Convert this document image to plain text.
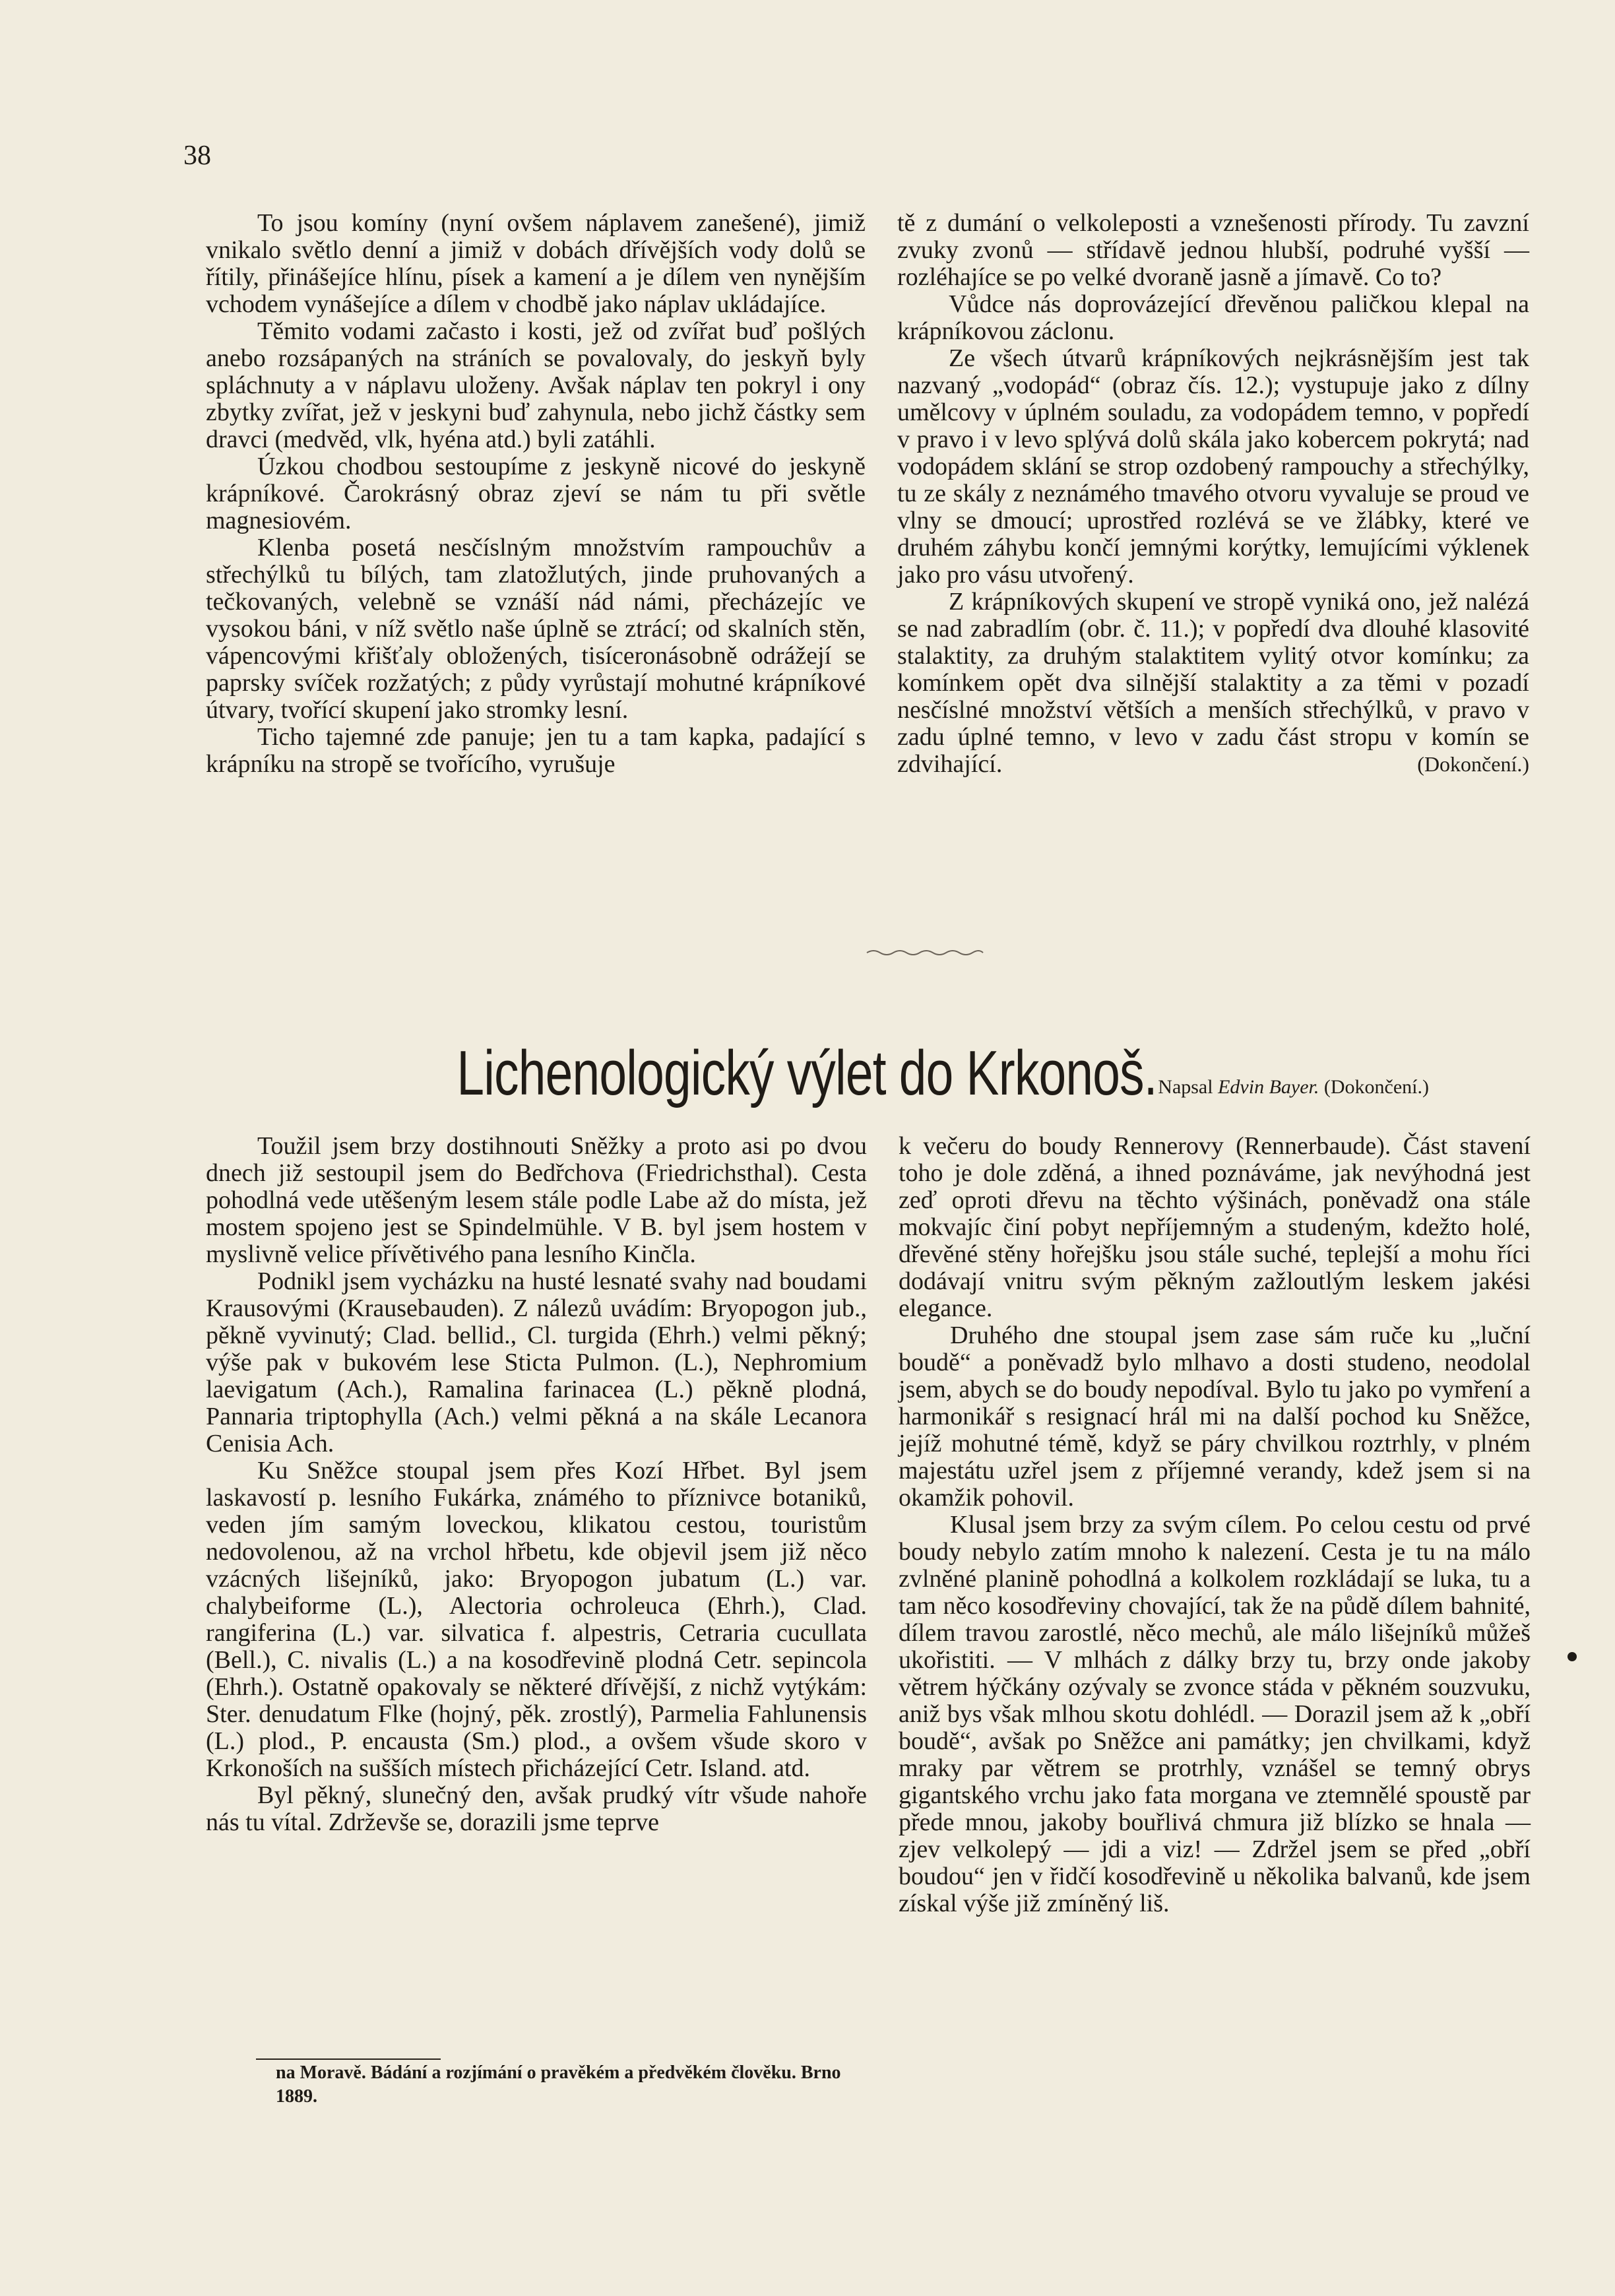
38

To jsou komíny (nyní ovšem náplavem zanešené), jimiž vnikalo světlo denní a jimiž v dobách dřívějších vody dolů se řítily, přinášejíce hlínu, písek a kamení a je dílem ven nynějším vchodem vynášejíce a dílem v chodbě jako náplav ukládajíce.

Těmito vodami začasto i kosti, jež od zvířat buď pošlých anebo rozsápaných na stráních se povalovaly, do jeskyň byly spláchnuty a v náplavu uloženy. Avšak náplav ten pokryl i ony zbytky zvířat, jež v jeskyni buď zahynula, nebo jichž částky sem dravci (medvěd, vlk, hyéna atd.) byli zatáhli.

Úzkou chodbou sestoupíme z jeskyně nicové do jeskyně krápníkové. Čarokrásný obraz zjeví se nám tu při světle magnesiovém.

Klenba posetá nesčíslným množstvím rampouchův a střechýlků tu bílých, tam zlatožlutých, jinde pruhovaných a tečkovaných, velebně se vznáší nád námi, přecházejíc ve vysokou báni, v níž světlo naše úplně se ztrácí; od skalních stěn, vápencovými křišťaly obložených, tisíceronásobně odrážejí se paprsky svíček rozžatých; z půdy vyrůstají mohutné krápníkové útvary, tvořící skupení jako stromky lesní.

Ticho tajemné zde panuje; jen tu a tam kapka, padající s krápníku na stropě se tvořícího, vyrušuje

tě z dumání o velkoleposti a vznešenosti přírody. Tu zavzní zvuky zvonů — střídavě jednou hlubší, podruhé vyšší — rozléhajíce se po velké dvoraně jasně a jímavě. Co to?

Vůdce nás doprovázející dřevěnou paličkou klepal na krápníkovou záclonu.

Ze všech útvarů krápníkových nejkrásnějším jest tak nazvaný „vodopád“ (obraz čís. 12.); vystupuje jako z dílny umělcovy v úplném souladu, za vodopádem temno, v popředí v pravo i v levo splývá dolů skála jako kobercem pokrytá; nad vodopádem sklání se strop ozdobený rampouchy a střechýlky, tu ze skály z neznámého tmavého otvoru vyvaluje se proud ve vlny se dmoucí; uprostřed rozlévá se ve žlábky, které ve druhém záhybu končí jemnými korýtky, lemujícími výklenek jako pro vásu utvořený.

Z krápníkových skupení ve stropě vyniká ono, jež nalézá se nad zabradlím (obr. č. 11.); v popředí dva dlouhé klasovité stalaktity, za druhým stalaktitem vylitý otvor komínku; za komínkem opět dva silnější stalaktity a za těmi v pozadí nesčíslné množství větších a menších střechýlků, v pravo v zadu úplné temno, v levo v zadu část stropu v komín se zdvihající.	(Dokončení.)
Lichenologický výlet do Krkonoš. Napsal Edvin Bayer. (Dokončení.)

Toužil jsem brzy dostihnouti Sněžky a proto asi po dvou dnech již sestoupil jsem do Bedřchova (Friedrichsthal). Cesta pohodlná vede utěšeným lesem stále podle Labe až do místa, jež mostem spojeno jest se Spindelmühle. V B. byl jsem hostem v myslivně velice přívětivého pana lesního Kinčla.

Podnikl jsem vycházku na husté lesnaté svahy nad boudami Krausovými (Krausebauden). Z nálezů uvádím: Bryopogon jub., pěkně vyvinutý; Clad. bellid., Cl. turgida (Ehrh.) velmi pěkný; výše pak v bukovém lese Sticta Pulmon. (L.), Nephromium laevigatum (Ach.), Ramalina farinacea (L.) pěkně plodná, Pannaria triptophylla (Ach.) velmi pěkná a na skále Lecanora Cenisia Ach.

Ku Sněžce stoupal jsem přes Kozí Hřbet. Byl jsem laskavostí p. lesního Fukárka, známého to příznivce botaniků, veden jím samým loveckou, klikatou cestou, touristům nedovolenou, až na vrchol hřbetu, kde objevil jsem již něco vzácných lišejníků, jako: Bryopogon jubatum (L.) var. chalybeiforme (L.), Alectoria ochroleuca (Ehrh.), Clad. rangiferina (L.) var. silvatica f. alpestris, Cetraria cucullata (Bell.), C. nivalis (L.) a na kosodřevině plodná Cetr. sepincola (Ehrh.). Ostatně opakovaly se některé dřívější, z nichž vytýkám: Ster. denudatum Flke (hojný, pěk. zrostlý), Parmelia Fahlunensis (L.) plod., P. encausta (Sm.) plod., a ovšem všude skoro v Krkonoších na sušších místech přicházející Cetr. Island. atd.

Byl pěkný, slunečný den, avšak prudký vítr všude nahoře nás tu vítal. Zdrževše se, dorazili jsme teprve

k večeru do boudy Rennerovy (Rennerbaude). Část stavení toho je dole zděná, a ihned poznáváme, jak nevýhodná jest zeď oproti dřevu na těchto výšinách, poněvadž ona stále mokvajíc činí pobyt nepříjemným a studeným, kdežto holé, dřevěné stěny hořejšku jsou stále suché, teplejší a mohu říci dodávají vnitru svým pěkným zažloutlým leskem jakési elegance.

Druhého dne stoupal jsem zase sám ruče ku „luční boudě“ a poněvadž bylo mlhavo a dosti studeno, neodolal jsem, abych se do boudy nepodíval. Bylo tu jako po vymření a harmonikář s resignací hrál mi na další pochod ku Sněžce, jejíž mohutné témě, když se páry chvilkou roztrhly, v plném majestátu uzřel jsem z příjemné verandy, kdež jsem si na okamžik pohovil.

Klusal jsem brzy za svým cílem. Po celou cestu od prvé boudy nebylo zatím mnoho k nalezení. Cesta je tu na málo zvlněné planině pohodlná a kolkolem rozkládají se luka, tu a tam něco kosodřeviny chovající, tak že na půdě dílem bahnité, dílem travou zarostlé, něco mechů, ale málo lišejníků můžeš ukořistiti. — V mlhách z dálky brzy tu, brzy onde jakoby větrem hýčkány ozývaly se zvonce stáda v pěkném souzvuku, aniž bys však mlhou skotu dohlédl. — Dorazil jsem až k „obří boudě“, avšak po Sněžce ani památky; jen chvilkami, když mraky par větrem se protrhly, vznášel se temný obrys gigantského vrchu jako fata morgana ve ztemnělé spoustě par přede mnou, jakoby bouřlivá chmura již blízko se hnala — zjev velkolepý — jdi a viz! — Zdržel jsem se před „obří boudou“ jen v řidčí kosodřevině u několika balvanů, kde jsem získal výše již zmíněný liš.

na Moravě. Bádání a rozjímání o pravěkém a předvěkém člověku. Brno 1889.
